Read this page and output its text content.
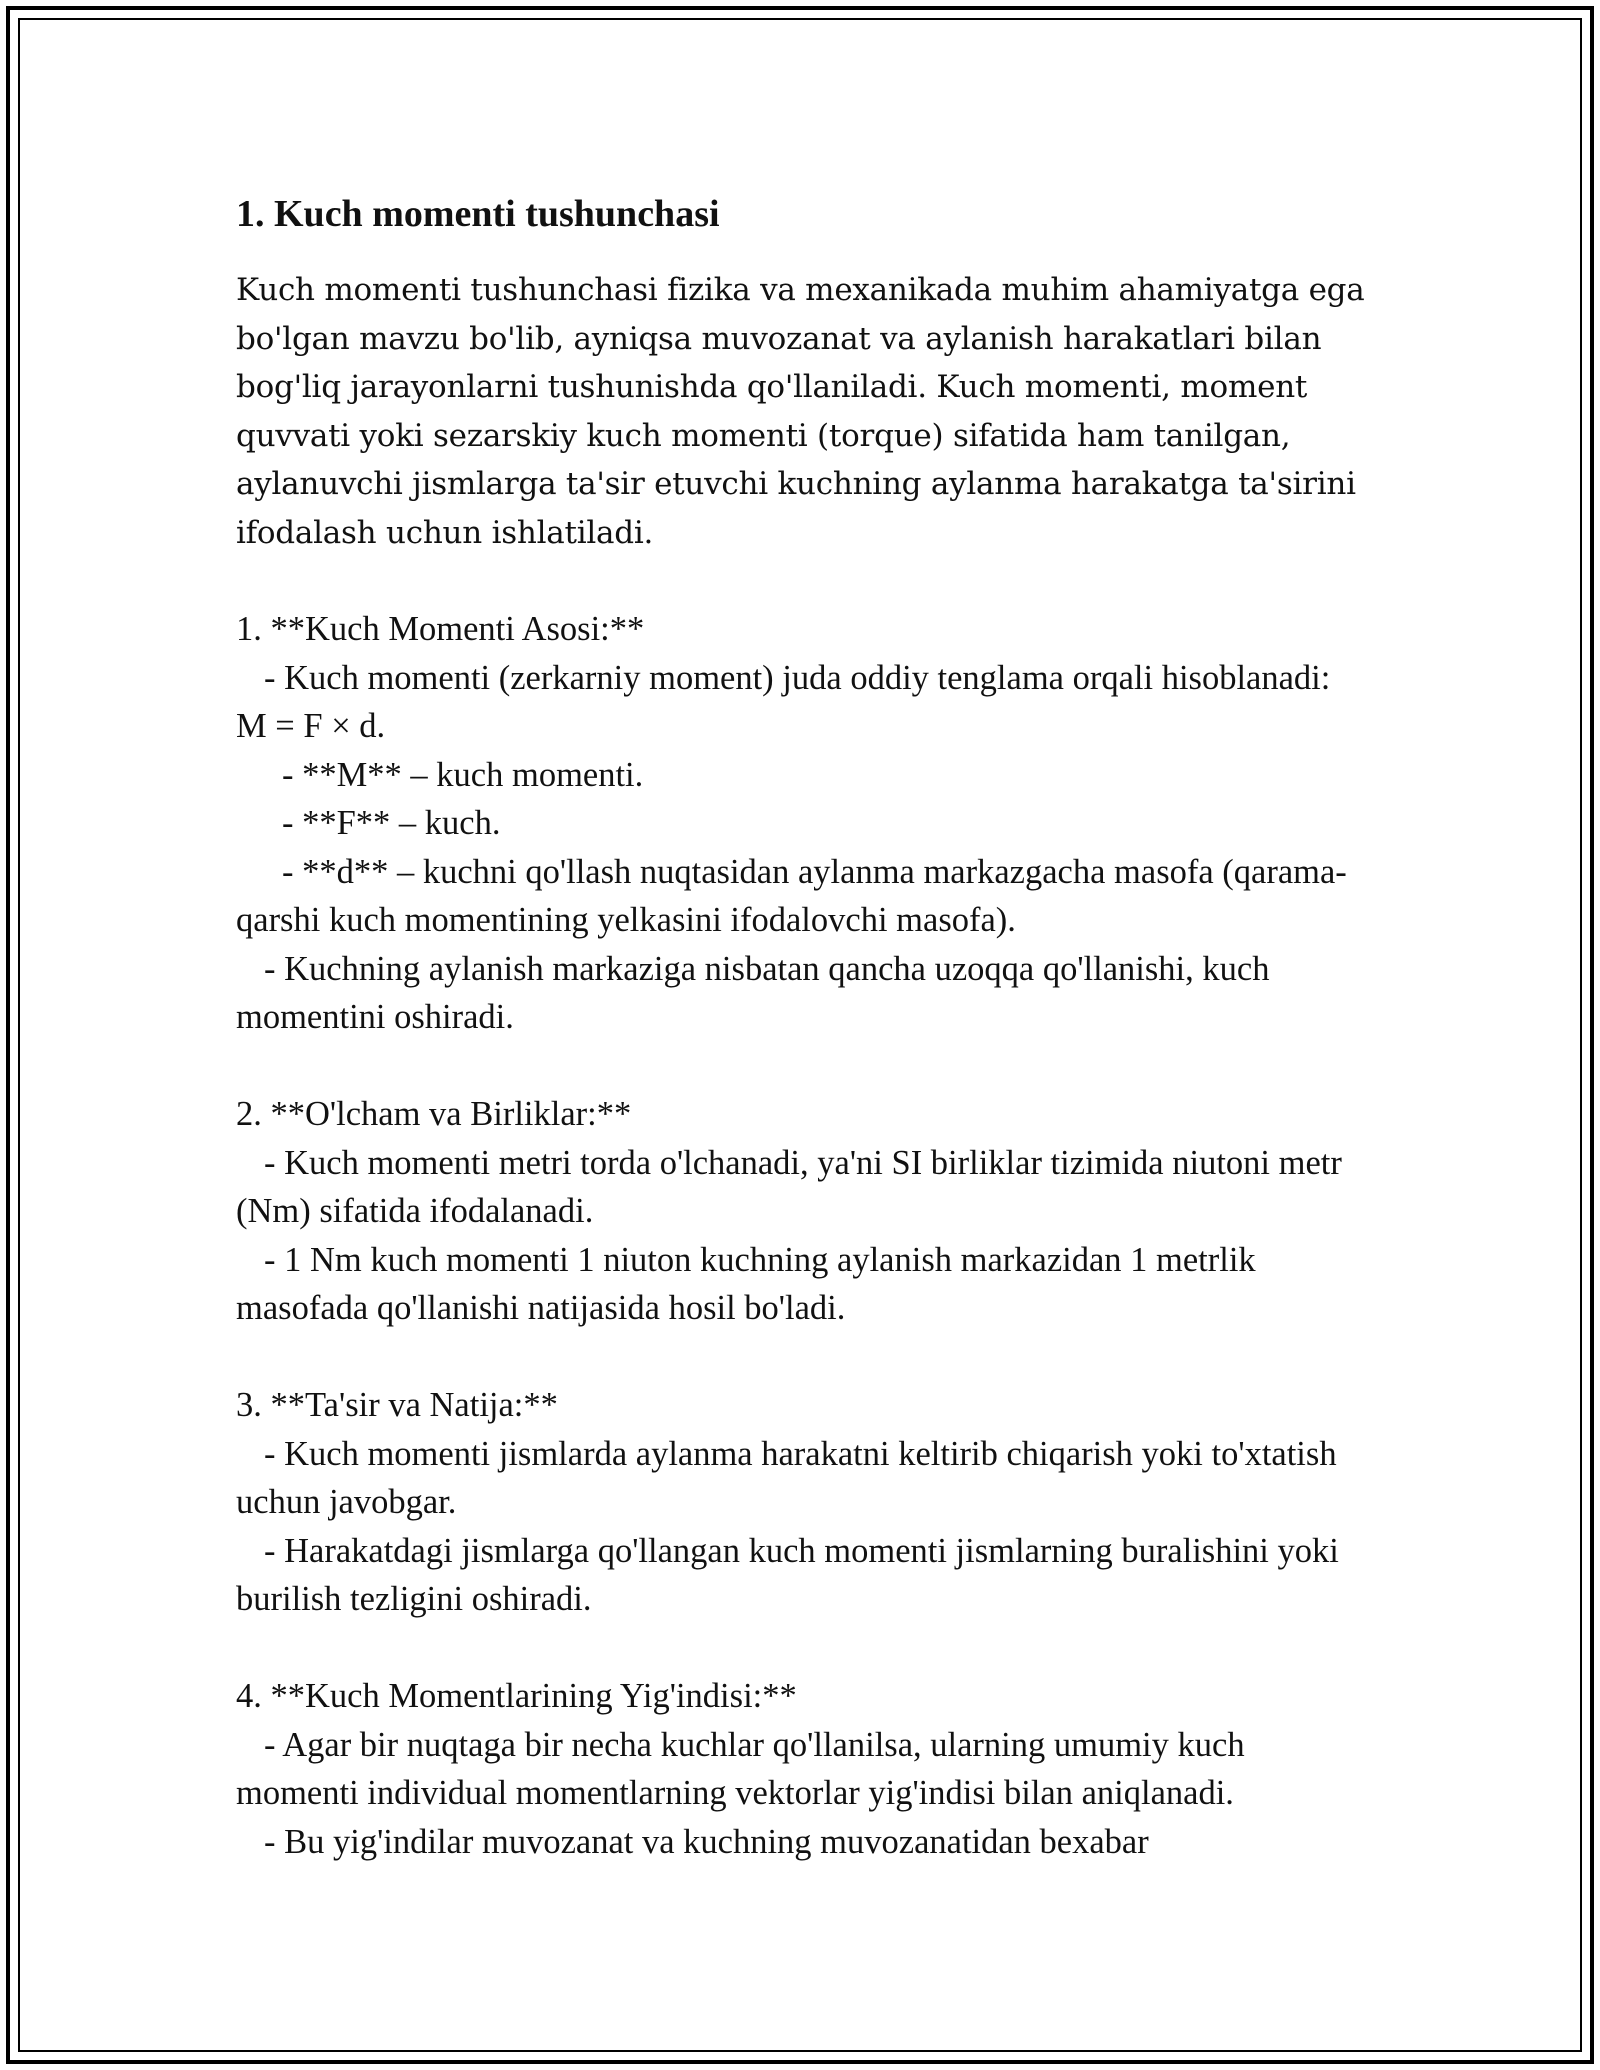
1. Kuch momenti tushunchasi
Kuch momenti tushunchasi fizika va mexanikada muhim ahamiyatga ega bo'lgan mavzu bo'lib, ayniqsa muvozanat va aylanish harakatlari bilan bog'liq jarayonlarni tushunishda qo'llaniladi. Kuch momenti, moment quvvati yoki sezarskiy kuch momenti (torque) sifatida ham tanilgan, aylanuvchi jismlarga ta'sir etuvchi kuchning aylanma harakatga ta'sirini ifodalash uchun ishlatiladi.
1. **Kuch Momenti Asosi:**
- Kuch momenti (zerkarniy moment) juda oddiy tenglama orqali hisoblanadi: M = F × d.
- **M** – kuch momenti.
- **F** – kuch.
- **d** – kuchni qo'llash nuqtasidan aylanma markazgacha masofa (qarama-qarshi kuch momentining yelkasini ifodalovchi masofa).
- Kuchning aylanish markaziga nisbatan qancha uzoqqa qo'llanishi, kuch momentini oshiradi.
2. **O'lcham va Birliklar:**
- Kuch momenti metri torda o'lchanadi, ya'ni SI birliklar tizimida niutoni metr (Nm) sifatida ifodalanadi.
- 1 Nm kuch momenti 1 niuton kuchning aylanish markazidan 1 metrlik masofada qo'llanishi natijasida hosil bo'ladi.
3. **Ta'sir va Natija:**
- Kuch momenti jismlarda aylanma harakatni keltirib chiqarish yoki to'xtatish uchun javobgar.
- Harakatdagi jismlarga qo'llangan kuch momenti jismlarning buralishini yoki burilish tezligini oshiradi.
4. **Kuch Momentlarining Yig'indisi:**
- Agar bir nuqtaga bir necha kuchlar qo'llanilsa, ularning umumiy kuch momenti individual momentlarning vektorlar yig'indisi bilan aniqlanadi.
- Bu yig'indilar muvozanat va kuchning muvozanatidan bexabar
